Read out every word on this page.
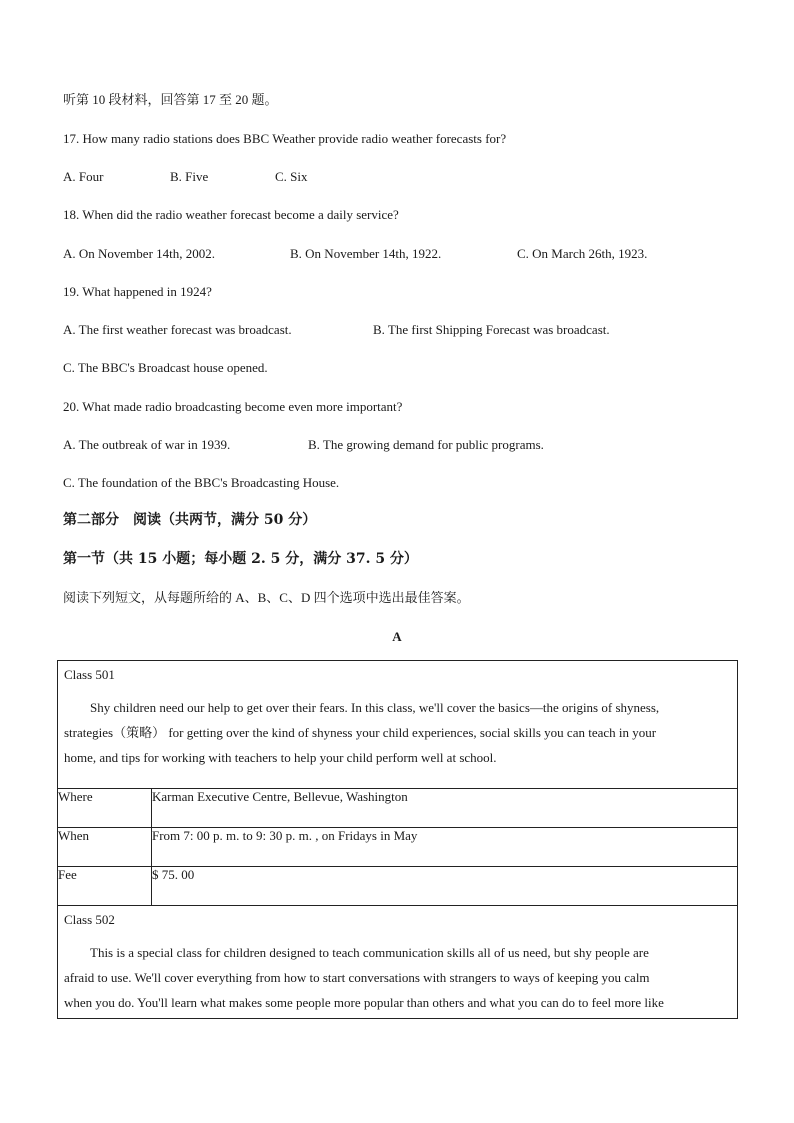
听第 10 段材料，回答第 17 至 20 题。
17. How many radio stations does BBC Weather provide radio weather forecasts for?
A. Four	B. Five	C. Six
18. When did the radio weather forecast become a daily service?
A. On November 14th, 2002.	B. On November 14th, 1922.	C. On March 26th, 1923.
19. What happened in 1924?
A. The first weather forecast was broadcast.	B. The first Shipping Forecast was broadcast.
C. The BBC's Broadcast house opened.
20. What made radio broadcasting become even more important?
A. The outbreak of war in 1939.	B. The growing demand for public programs.
C. The foundation of the BBC's Broadcasting House.
第二部分　阅读（共两节，满分 50 分）
第一节（共 15 小题；每小题 2. 5 分，满分 37. 5 分）
阅读下列短文，从每题所给的 A、B、C、D 四个选项中选出最佳答案。
A
Class 501
Shy children need our help to get over their fears. In this class, we'll cover the basics—the origins of shyness,
strategies（策略） for getting over the kind of shyness your child experiences, social skills you can teach in your
home, and tips for working with teachers to help your child perform well at school.	

Where	Karman Executive Centre, Bellevue, Washington
When	From 7: 00 p. m. to 9: 30 p. m. , on Fridays in May
Fee	$ 75. 00

Class 502
This is a special class for children designed to teach communication skills all of us need, but shy people are
afraid to use. We'll cover everything from how to start conversations with strangers to ways of keeping you calm
when you do. You'll learn what makes some people more popular than others and what you can do to feel more like	
